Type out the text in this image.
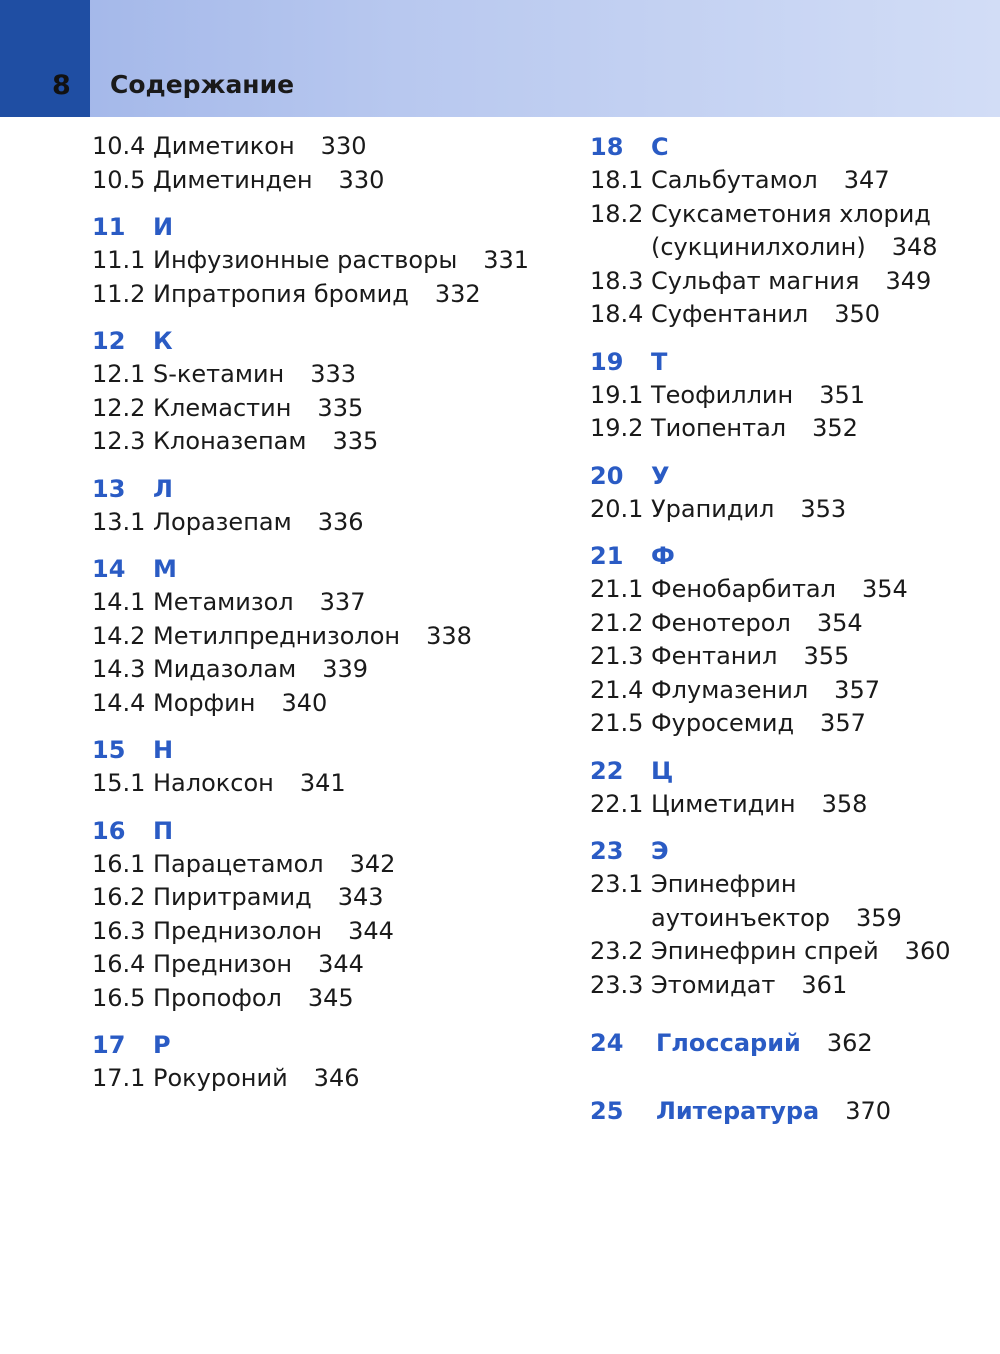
8 Содержание
10.4 Диметикон 330
10.5 Диметинден 330
11 И
11.1 Инфузионные растворы 331
11.2 Ипратропия бромид 332
12 К
12.1 S-кетамин 333
12.2 Клемастин 335
12.3 Клоназепам 335
13 Л
13.1 Лоразепам 336
14 М
14.1 Метамизол 337
14.2 Метилпреднизолон 338
14.3 Мидазолам 339
14.4 Морфин 340
15 Н
15.1 Налоксон 341
16 П
16.1 Парацетамол 342
16.2 Пиритрамид 343
16.3 Преднизолон 344
16.4 Преднизон 344
16.5 Пропофол 345
17 Р
17.1 Рокуроний 346
18 С
18.1 Сальбутамол 347
18.2 Суксаметония хлорид (сукцинилхолин) 348
18.3 Сульфат магния 349
18.4 Суфентанил 350
19 Т
19.1 Теофиллин 351
19.2 Тиопентал 352
20 У
20.1 Урапидил 353
21 Ф
21.1 Фенобарбитал 354
21.2 Фенотерол 354
21.3 Фентанил 355
21.4 Флумазенил 357
21.5 Фуросемид 357
22 Ц
22.1 Циметидин 358
23 Э
23.1 Эпинефрин аутоинъектор 359
23.2 Эпинефрин спрей 360
23.3 Этомидат 361
24 Глоссарий 362
25 Литература 370
